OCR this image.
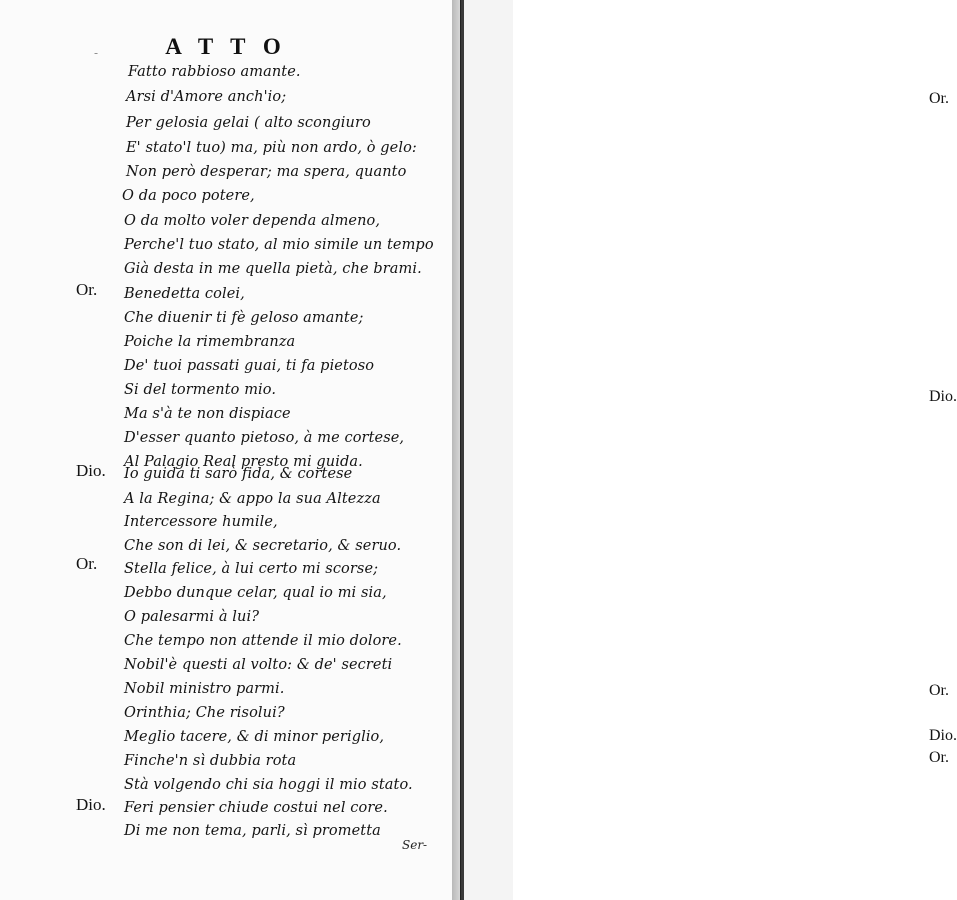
-	A T T O
Fatto rabbioso amante.
Arsi d'Amore anch'io;
Per gelosia gelai ( alto scongiuro
E' stato'l tuo) ma, più non ardo, ò gelo:
Non però desperar; ma spera, quanto
O da poco potere,
O da molto voler dependa almeno,
Perche'l tuo stato, al mio simile un tempo
Già desta in me quella pietà, che brami.
Or. Benedetta colei,
Che diuenir ti fè geloso amante;
Poiche la rimembranza
De' tuoi passati guai, ti fa pietoso
Si del tormento mio.
Ma s'à te non dispiace
D'esser quanto pietoso, à me cortese,
Al Palagio Real presto mi guida.
Dio. Io guida ti sarò fida, & cortese
A la Regina; & appo la sua Altezza
Intercessore humile,
Che son di lei, & secretario, & seruo.
Or. Stella felice, à lui certo mi scorse;
Debbo dunque celar, qual io mi sia,
O palesarmi à lui?
Che tempo non attende il mio dolore.
Nobil'è questi al volto: & de' secreti
Nobil ministro parmi.
Orinthia; Che risolui?
Meglio tacere, & di minor periglio,
Finche'n sì dubbia rota
Stà volgendo chi sia hoggi il mio stato.
Dio. Feri pensier chiude costui nel core.
Di me non tema, parli, sì prometta
Ser-
Or.
Dio.
Or.
Dio.
Or.
